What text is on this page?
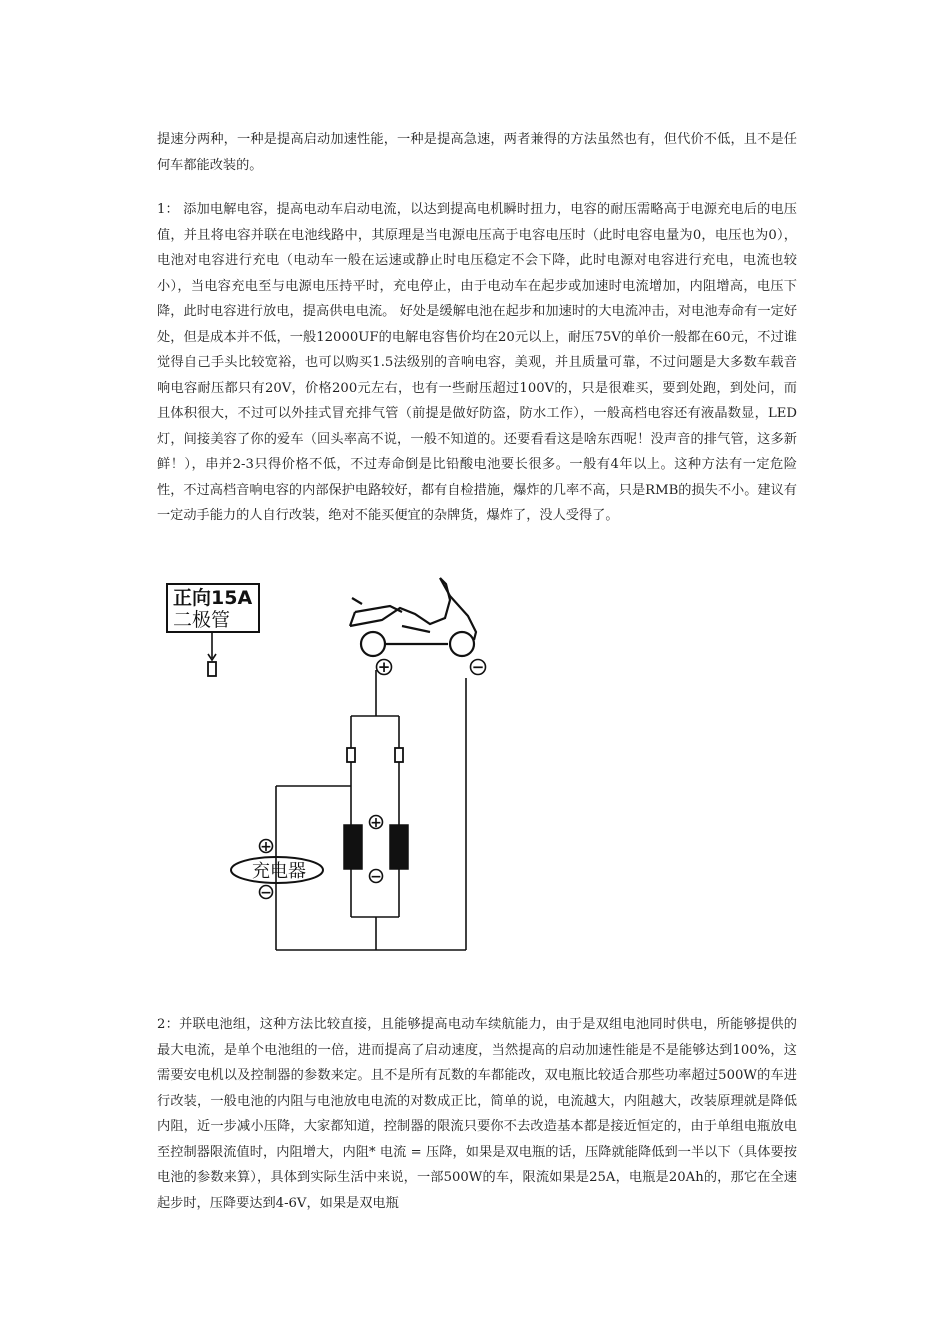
提速分两种，一种是提高启动加速性能，一种是提高急速，两者兼得的方法虽然也有，但代价不低，且不是任何车都能改装的。

1： 添加电解电容，提高电动车启动电流，以达到提高电机瞬时扭力，电容的耐压需略高于电源充电后的电压值，并且将电容并联在电池线路中，其原理是当电源电压高于电容电压时（此时电容电量为0，电压也为0），电池对电容进行充电（电动车一般在运速或静止时电压稳定不会下降，此时电源对电容进行充电，电流也较小），当电容充电至与电源电压持平时，充电停止，由于电动车在起步或加速时电流增加，内阻增高，电压下降，此时电容进行放电，提高供电电流。 好处是缓解电池在起步和加速时的大电流冲击，对电池寿命有一定好处，但是成本并不低，一般12000UF的电解电容售价均在20元以上，耐压75V的单价一般都在60元，不过谁觉得自己手头比较宽裕，也可以购买1.5法级别的音响电容，美观，并且质量可靠，不过问题是大多数车载音响电容耐压都只有20V，价格200元左右，也有一些耐压超过100V的，只是很难买，要到处跑，到处问，而且体积很大，不过可以外挂式冒充排气管（前提是做好防盗，防水工作），一般高档电容还有液晶数显，LED灯，间接美容了你的爱车（回头率高不说，一般不知道的。还要看看这是啥东西呢！没声音的排气管，这多新鲜！），串并2-3只得价格不低，不过寿命倒是比铅酸电池要长很多。一般有4年以上。这种方法有一定危险性，不过高档音响电容的内部保护电路较好，都有自检措施，爆炸的几率不高，只是RMB的损失不小。建议有一定动手能力的人自行改装，绝对不能买便宜的杂牌货，爆炸了，没人受得了。

正向15A
二极管
充电器
+
−
+
−
+	−

2：并联电池组，这种方法比较直接，且能够提高电动车续航能力，由于是双组电池同时供电，所能够提供的最大电流，是单个电池组的一倍，进而提高了启动速度，当然提高的启动加速性能是不是能够达到100%，这需要安电机以及控制器的参数来定。且不是所有瓦数的车都能改，双电瓶比较适合那些功率超过500W的车进行改装，一般电池的内阻与电池放电电流的对数成正比，简单的说，电流越大，内阻越大，改装原理就是降低内阻，近一步减小压降，大家都知道，控制器的限流只要你不去改造基本都是接近恒定的，由于单组电瓶放电至控制器限流值时，内阻增大，内阻* 电流 = 压降，如果是双电瓶的话，压降就能降低到一半以下（具体要按电池的参数来算），具体到实际生活中来说，一部500W的车，限流如果是25A，电瓶是20Ah的，那它在全速起步时，压降要达到4-6V，如果是双电瓶
